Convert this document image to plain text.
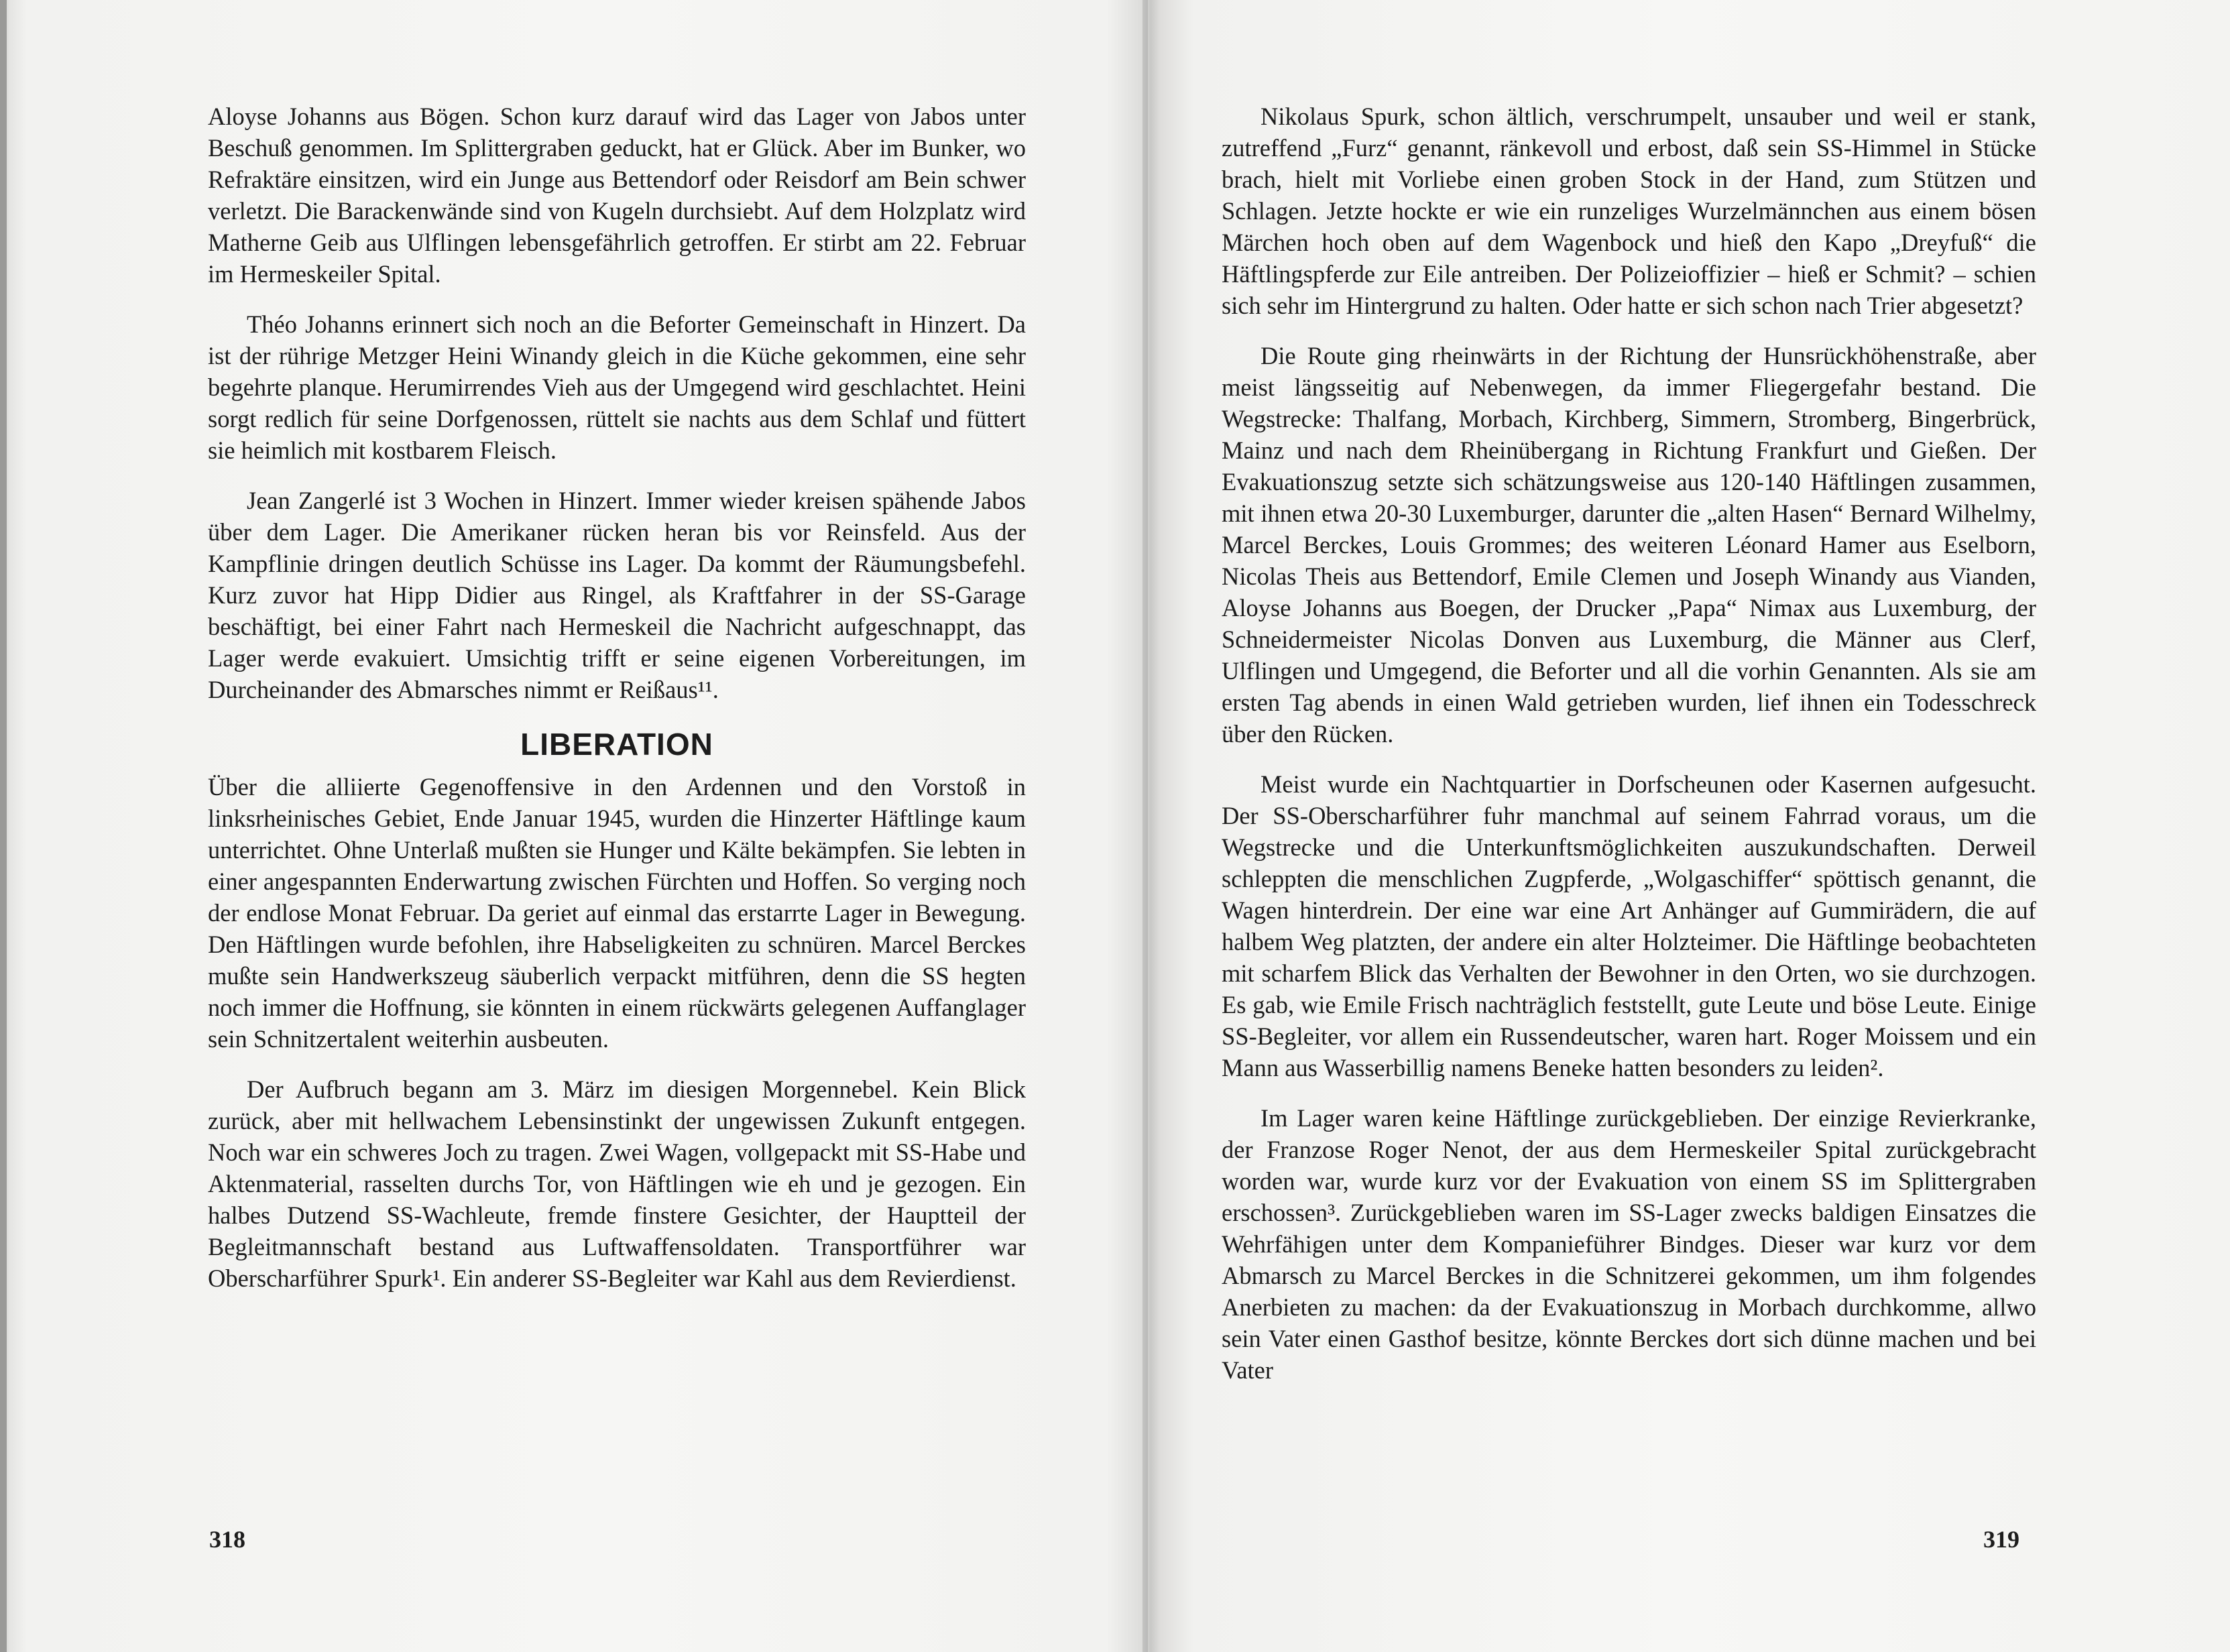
Aloyse Johanns aus Bögen. Schon kurz darauf wird das Lager von Jabos unter Beschuß genommen. Im Splittergraben geduckt, hat er Glück. Aber im Bunker, wo Refraktäre einsitzen, wird ein Junge aus Bettendorf oder Reisdorf am Bein schwer verletzt. Die Barackenwände sind von Kugeln durchsiebt. Auf dem Holzplatz wird Matherne Geib aus Ulflingen lebensgefährlich getroffen. Er stirbt am 22. Februar im Hermeskeiler Spital.

Théo Johanns erinnert sich noch an die Beforter Gemeinschaft in Hinzert. Da ist der rührige Metzger Heini Winandy gleich in die Küche gekommen, eine sehr begehrte planque. Herumirrendes Vieh aus der Umgegend wird geschlachtet. Heini sorgt redlich für seine Dorfgenossen, rüttelt sie nachts aus dem Schlaf und füttert sie heimlich mit kostbarem Fleisch.

Jean Zangerlé ist 3 Wochen in Hinzert. Immer wieder kreisen spähende Jabos über dem Lager. Die Amerikaner rücken heran bis vor Reinsfeld. Aus der Kampflinie dringen deutlich Schüsse ins Lager. Da kommt der Räumungsbefehl. Kurz zuvor hat Hipp Didier aus Ringel, als Kraftfahrer in der SS-Garage beschäftigt, bei einer Fahrt nach Hermeskeil die Nachricht aufgeschnappt, das Lager werde evakuiert. Umsichtig trifft er seine eigenen Vorbereitungen, im Durcheinander des Abmarsches nimmt er Reißaus¹¹.

LIBERATION

Über die alliierte Gegenoffensive in den Ardennen und den Vorstoß in linksrheinisches Gebiet, Ende Januar 1945, wurden die Hinzerter Häftlinge kaum unterrichtet. Ohne Unterlaß mußten sie Hunger und Kälte bekämpfen. Sie lebten in einer angespannten Enderwartung zwischen Fürchten und Hoffen. So verging noch der endlose Monat Februar. Da geriet auf einmal das erstarrte Lager in Bewegung. Den Häftlingen wurde befohlen, ihre Habseligkeiten zu schnüren. Marcel Berckes mußte sein Handwerkszeug säuberlich verpackt mitführen, denn die SS hegten noch immer die Hoffnung, sie könnten in einem rückwärts gelegenen Auffanglager sein Schnitzertalent weiterhin ausbeuten.

Der Aufbruch begann am 3. März im diesigen Morgennebel. Kein Blick zurück, aber mit hellwachem Lebensinstinkt der ungewissen Zukunft entgegen. Noch war ein schweres Joch zu tragen. Zwei Wagen, vollgepackt mit SS-Habe und Aktenmaterial, rasselten durchs Tor, von Häftlingen wie eh und je gezogen. Ein halbes Dutzend SS-Wachleute, fremde finstere Gesichter, der Hauptteil der Begleitmannschaft bestand aus Luftwaffensoldaten. Transportführer war Oberscharführer Spurk¹. Ein anderer SS-Begleiter war Kahl aus dem Revierdienst.

Nikolaus Spurk, schon ältlich, verschrumpelt, unsauber und weil er stank, zutreffend „Furz“ genannt, ränkevoll und erbost, daß sein SS-Himmel in Stücke brach, hielt mit Vorliebe einen groben Stock in der Hand, zum Stützen und Schlagen. Jetzte hockte er wie ein runzeliges Wurzelmännchen aus einem bösen Märchen hoch oben auf dem Wagenbock und hieß den Kapo „Dreyfuß“ die Häftlingspferde zur Eile antreiben. Der Polizeioffizier – hieß er Schmit? – schien sich sehr im Hintergrund zu halten. Oder hatte er sich schon nach Trier abgesetzt?

Die Route ging rheinwärts in der Richtung der Hunsrückhöhenstraße, aber meist längsseitig auf Nebenwegen, da immer Fliegergefahr bestand. Die Wegstrecke: Thalfang, Morbach, Kirchberg, Simmern, Stromberg, Bingerbrück, Mainz und nach dem Rheinübergang in Richtung Frankfurt und Gießen. Der Evakuationszug setzte sich schätzungsweise aus 120-140 Häftlingen zusammen, mit ihnen etwa 20-30 Luxemburger, darunter die „alten Hasen“ Bernard Wilhelmy, Marcel Berckes, Louis Grommes; des weiteren Léonard Hamer aus Eselborn, Nicolas Theis aus Bettendorf, Emile Clemen und Joseph Winandy aus Vianden, Aloyse Johanns aus Boegen, der Drucker „Papa“ Nimax aus Luxemburg, der Schneidermeister Nicolas Donven aus Luxemburg, die Männer aus Clerf, Ulflingen und Umgegend, die Beforter und all die vorhin Genannten. Als sie am ersten Tag abends in einen Wald getrieben wurden, lief ihnen ein Todesschreck über den Rücken.

Meist wurde ein Nachtquartier in Dorfscheunen oder Kasernen aufgesucht. Der SS-Oberscharführer fuhr manchmal auf seinem Fahrrad voraus, um die Wegstrecke und die Unterkunftsmöglichkeiten auszukundschaften. Derweil schleppten die menschlichen Zugpferde, „Wolgaschiffer“ spöttisch genannt, die Wagen hinterdrein. Der eine war eine Art Anhänger auf Gummirädern, die auf halbem Weg platzten, der andere ein alter Holzteimer. Die Häftlinge beobachteten mit scharfem Blick das Verhalten der Bewohner in den Orten, wo sie durchzogen. Es gab, wie Emile Frisch nachträglich feststellt, gute Leute und böse Leute. Einige SS-Begleiter, vor allem ein Russendeutscher, waren hart. Roger Moissem und ein Mann aus Wasserbillig namens Beneke hatten besonders zu leiden².

Im Lager waren keine Häftlinge zurückgeblieben. Der einzige Revierkranke, der Franzose Roger Nenot, der aus dem Hermeskeiler Spital zurückgebracht worden war, wurde kurz vor der Evakuation von einem SS im Splittergraben erschossen³. Zurückgeblieben waren im SS-Lager zwecks baldigen Einsatzes die Wehrfähigen unter dem Kompanieführer Bindges. Dieser war kurz vor dem Abmarsch zu Marcel Berckes in die Schnitzerei gekommen, um ihm folgendes Anerbieten zu machen: da der Evakuationszug in Morbach durchkomme, allwo sein Vater einen Gasthof besitze, könnte Berckes dort sich dünne machen und bei Vater

318	319
